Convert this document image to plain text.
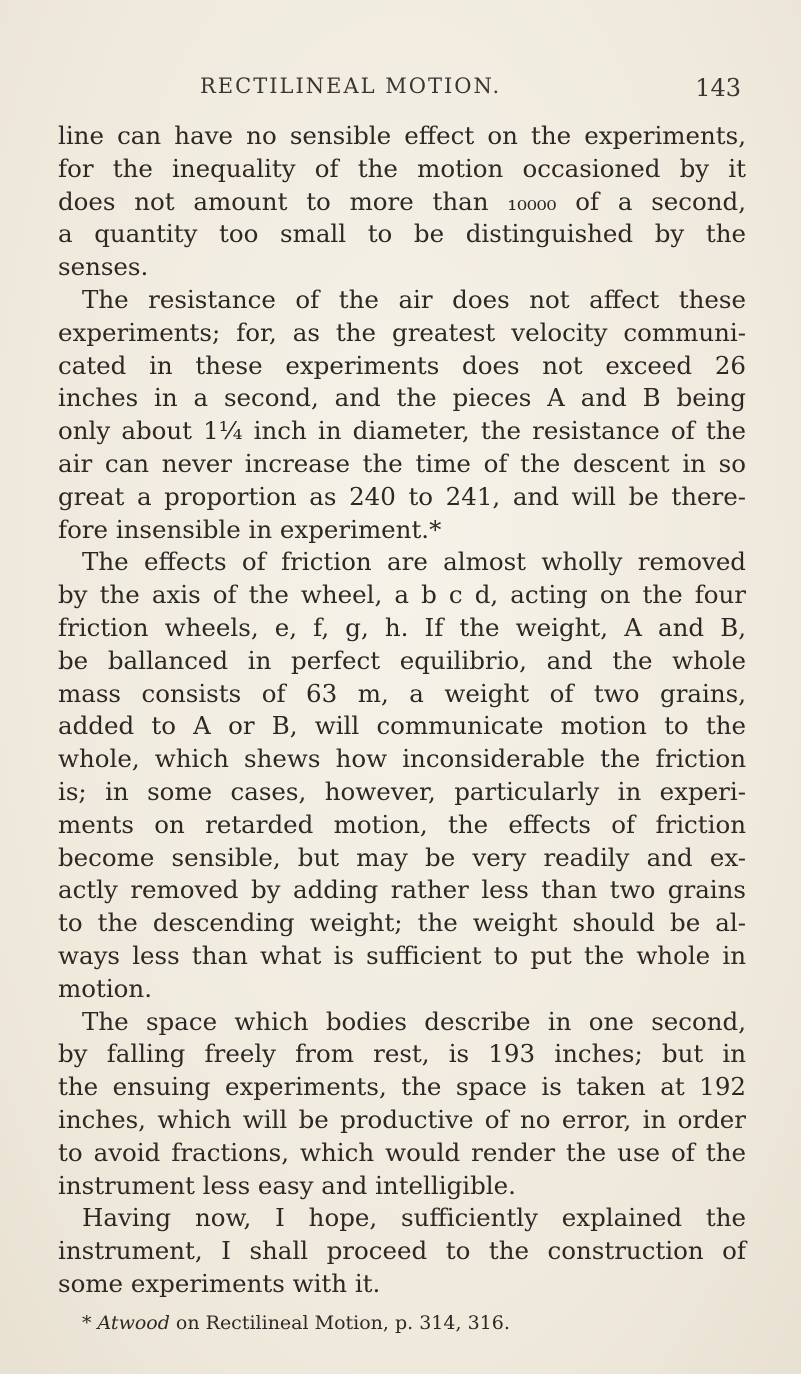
RECTILINEAL MOTION.	143

line can have no sensible effect on the experiments,
for the inequality of the motion occasioned by it
does not amount to more than ₁₀₀₀₀ of a second,
a quantity too small to be distinguished by the
senses.

The resistance of the air does not affect these
experiments; for, as the greatest velocity communi-
cated in these experiments does not exceed 26
inches in a second, and the pieces A and B being
only about 1¼ inch in diameter, the resistance of the
air can never increase the time of the descent in so
great a proportion as 240 to 241, and will be there-
fore insensible in experiment.*

The effects of friction are almost wholly removed
by the axis of the wheel, a b c d, acting on the four
friction wheels, e, f, g, h. If the weight, A and B,
be ballanced in perfect equilibrio, and the whole
mass consists of 63 m, a weight of two grains,
added to A or B, will communicate motion to the
whole, which shews how inconsiderable the friction
is; in some cases, however, particularly in experi-
ments on retarded motion, the effects of friction
become sensible, but may be very readily and ex-
actly removed by adding rather less than two grains
to the descending weight; the weight should be al-
ways less than what is sufficient to put the whole in
motion.

The space which bodies describe in one second,
by falling freely from rest, is 193 inches; but in
the ensuing experiments, the space is taken at 192
inches, which will be productive of no error, in order
to avoid fractions, which would render the use of the
instrument less easy and intelligible.

Having now, I hope, sufficiently explained the
instrument, I shall proceed to the construction of
some experiments with it.

* Atwood on Rectilineal Motion, p. 314, 316.
